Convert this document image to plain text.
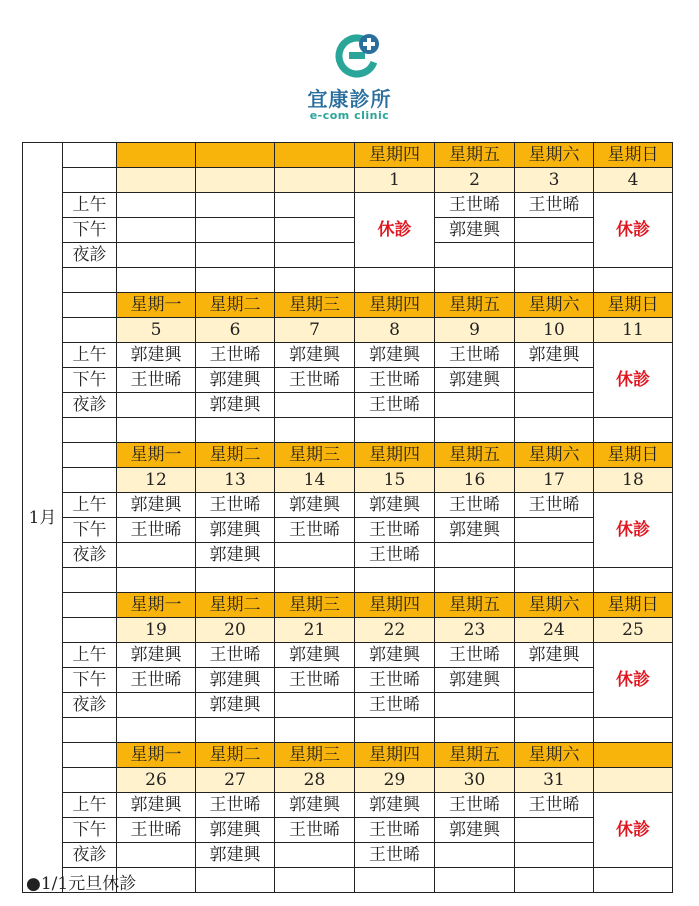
宜康診所
e-com clinic
1月					星期四	星期五	星期六	星期日
					1	2	3	4
	上午				休診	王世晞	王世晞	休診
	下午					郭建興		
	夜診							

		星期一	星期二	星期三	星期四	星期五	星期六	星期日
		5	6	7	8	9	10	11
	上午	郭建興	王世晞	郭建興	郭建興	王世晞	郭建興	休診
	下午	王世晞	郭建興	王世晞	王世晞	郭建興		
	夜診		郭建興		王世晞			

		星期一	星期二	星期三	星期四	星期五	星期六	星期日
		12	13	14	15	16	17	18
	上午	郭建興	王世晞	郭建興	郭建興	王世晞	王世晞	休診
	下午	王世晞	郭建興	王世晞	王世晞	郭建興		
	夜診		郭建興		王世晞			

		星期一	星期二	星期三	星期四	星期五	星期六	星期日
		19	20	21	22	23	24	25
	上午	郭建興	王世晞	郭建興	郭建興	王世晞	郭建興	休診
	下午	王世晞	郭建興	王世晞	王世晞	郭建興		
	夜診		郭建興		王世晞			

		星期一	星期二	星期三	星期四	星期五	星期六	
		26	27	28	29	30	31	
	上午	郭建興	王世晞	郭建興	郭建興	王世晞	王世晞	休診
	下午	王世晞	郭建興	王世晞	王世晞	郭建興		
	夜診		郭建興		王世晞			

●1/1元旦休診
